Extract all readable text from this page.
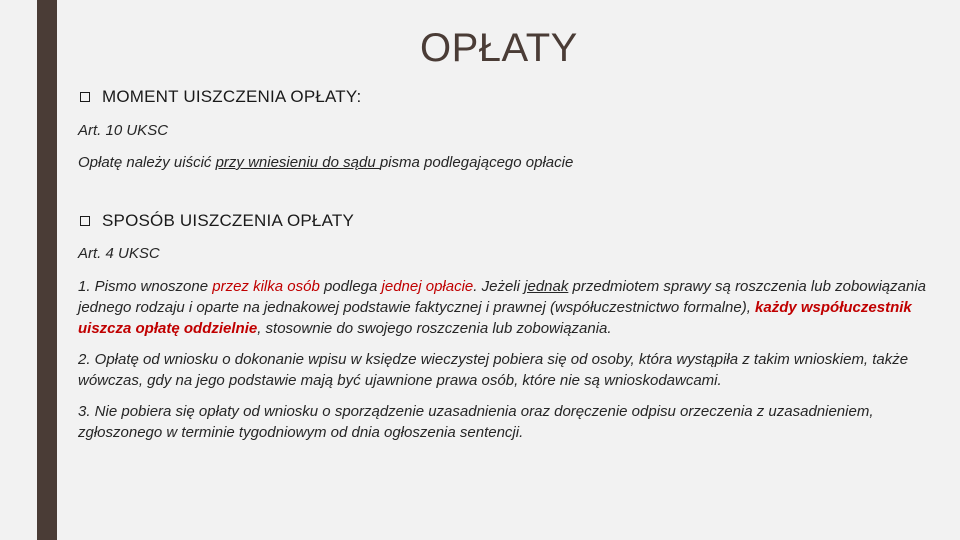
OPŁATY
MOMENT UISZCZENIA OPŁATY:
Art. 10 UKSC
Opłatę należy uiścić przy wniesieniu do sądu pisma podlegającego opłacie
SPOSÓB UISZCZENIA OPŁATY
Art. 4 UKSC
1. Pismo wnoszone przez kilka osób podlega jednej opłacie. Jeżeli jednak przedmiotem sprawy są roszczenia lub zobowiązania jednego rodzaju i oparte na jednakowej podstawie faktycznej i prawnej (współuczestnictwo formalne), każdy współuczestnik uiszcza opłatę oddzielnie, stosownie do swojego roszczenia lub zobowiązania.
2. Opłatę od wniosku o dokonanie wpisu w księdze wieczystej pobiera się od osoby, która wystąpiła z takim wnioskiem, także wówczas, gdy na jego podstawie mają być ujawnione prawa osób, które nie są wnioskodawcami.
3. Nie pobiera się opłaty od wniosku o sporządzenie uzasadnienia oraz doręczenie odpisu orzeczenia z uzasadnieniem, zgłoszonego w terminie tygodniowym od dnia ogłoszenia sentencji.
